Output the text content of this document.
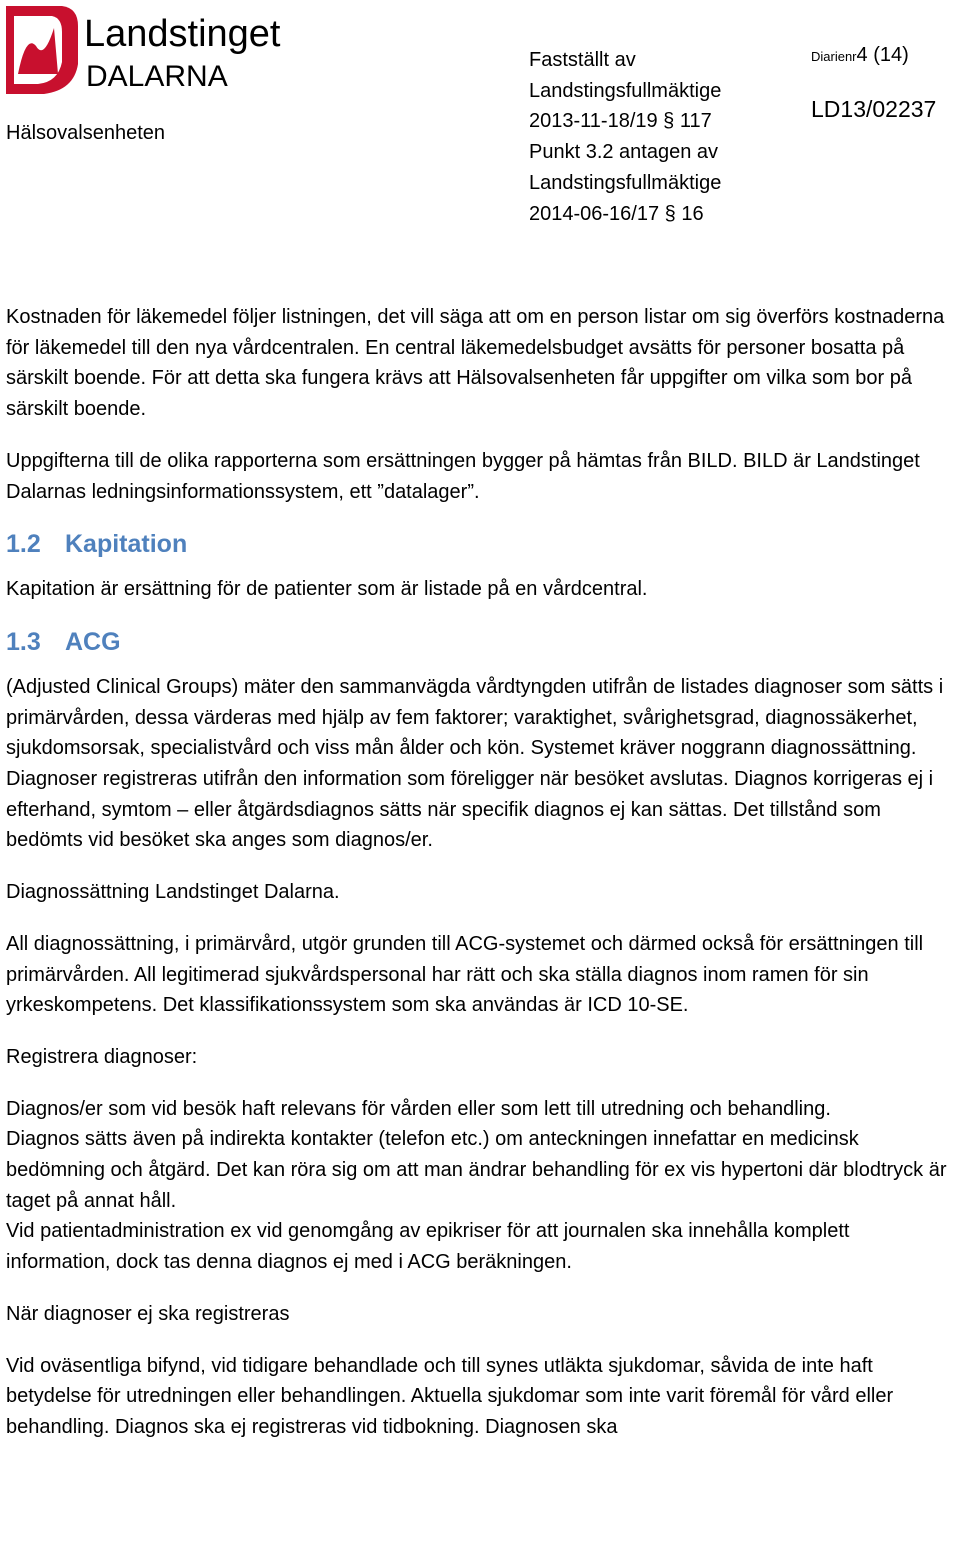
Landstinget
DALARNA
Hälsovalsenheten
Fastställt av
Landstingsfullmäktige
2013-11-18/19 § 117
Punkt 3.2 antagen av
Landstingsfullmäktige
2014-06-16/17 § 16
Diarienr4 (14)
LD13/02237

Kostnaden för läkemedel följer listningen, det vill säga att om en person listar om sig överförs kostnaderna för läkemedel till den nya vårdcentralen. En central läkemedelsbudget avsätts för personer bosatta på särskilt boende. För att detta ska fungera krävs att Hälsovalsenheten får uppgifter om vilka som bor på särskilt boende.

Uppgifterna till de olika rapporterna som ersättningen bygger på hämtas från BILD. BILD är Landstinget Dalarnas ledningsinformationssystem, ett ”datalager”.

1.2 Kapitation

Kapitation är ersättning för de patienter som är listade på en vårdcentral.

1.3 ACG

(Adjusted Clinical Groups) mäter den sammanvägda vårdtyngden utifrån de listades diagnoser som sätts i primärvården, dessa värderas med hjälp av fem faktorer; varaktighet, svårighetsgrad, diagnossäkerhet, sjukdomsorsak, specialistvård och viss mån ålder och kön. Systemet kräver noggrann diagnossättning. Diagnoser registreras utifrån den information som föreligger när besöket avslutas. Diagnos korrigeras ej i efterhand, symtom – eller åtgärdsdiagnos sätts när specifik diagnos ej kan sättas. Det tillstånd som bedömts vid besöket ska anges som diagnos/er.

Diagnossättning Landstinget Dalarna.

All diagnossättning, i primärvård, utgör grunden till ACG-systemet och därmed också för ersättningen till primärvården. All legitimerad sjukvårdspersonal har rätt och ska ställa diagnos inom ramen för sin yrkeskompetens. Det klassifikationssystem som ska användas är ICD 10-SE.

Registrera diagnoser:

Diagnos/er som vid besök haft relevans för vården eller som lett till utredning och behandling.

Diagnos sätts även på indirekta kontakter (telefon etc.) om anteckningen innefattar en medicinsk bedömning och åtgärd. Det kan röra sig om att man ändrar behandling för ex vis hypertoni där blodtryck är taget på annat håll.

Vid patientadministration ex vid genomgång av epikriser för att journalen ska innehålla komplett information, dock tas denna diagnos ej med i ACG beräkningen.

När diagnoser ej ska registreras

Vid oväsentliga bifynd, vid tidigare behandlade och till synes utläkta sjukdomar, såvida de inte haft betydelse för utredningen eller behandlingen. Aktuella sjukdomar som inte varit föremål för vård eller behandling. Diagnos ska ej registreras vid tidbokning. Diagnosen ska
